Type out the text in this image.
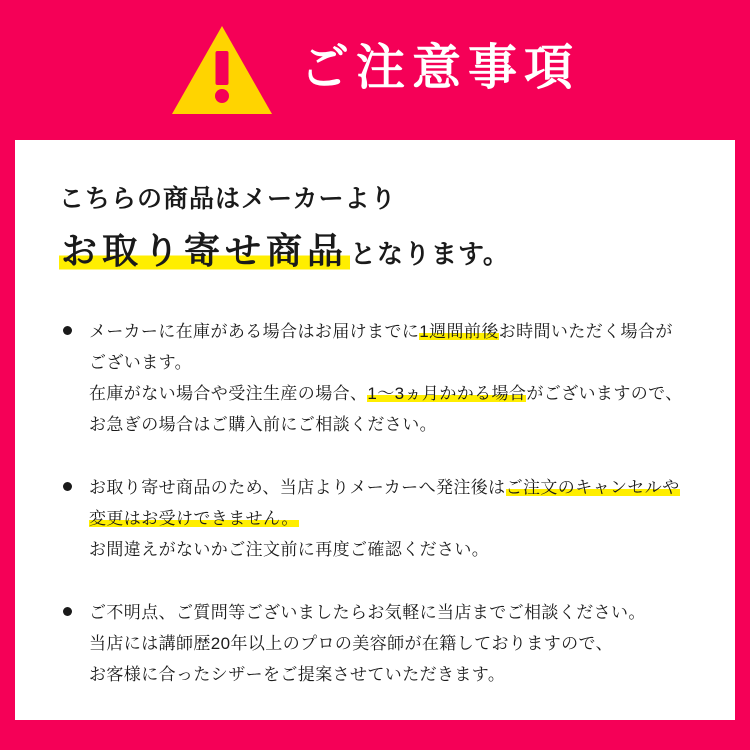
ご注意事項

こちらの商品はメーカーより

お取り寄せ商品となります。

メーカーに在庫がある場合はお届けまでに1週間前後お時間いただく場合が
ございます。
在庫がない場合や受注生産の場合、1〜3ヵ月かかる場合がございますので、
お急ぎの場合はご購入前にご相談ください。
お取り寄せ商品のため、当店よりメーカーへ発注後はご注文のキャンセルや
変更はお受けできません。
お間違えがないかご注文前に再度ご確認ください。
ご不明点、ご質問等ございましたらお気軽に当店までご相談ください。
当店には講師歴20年以上のプロの美容師が在籍しておりますので、
お客様に合ったシザーをご提案させていただきます。
